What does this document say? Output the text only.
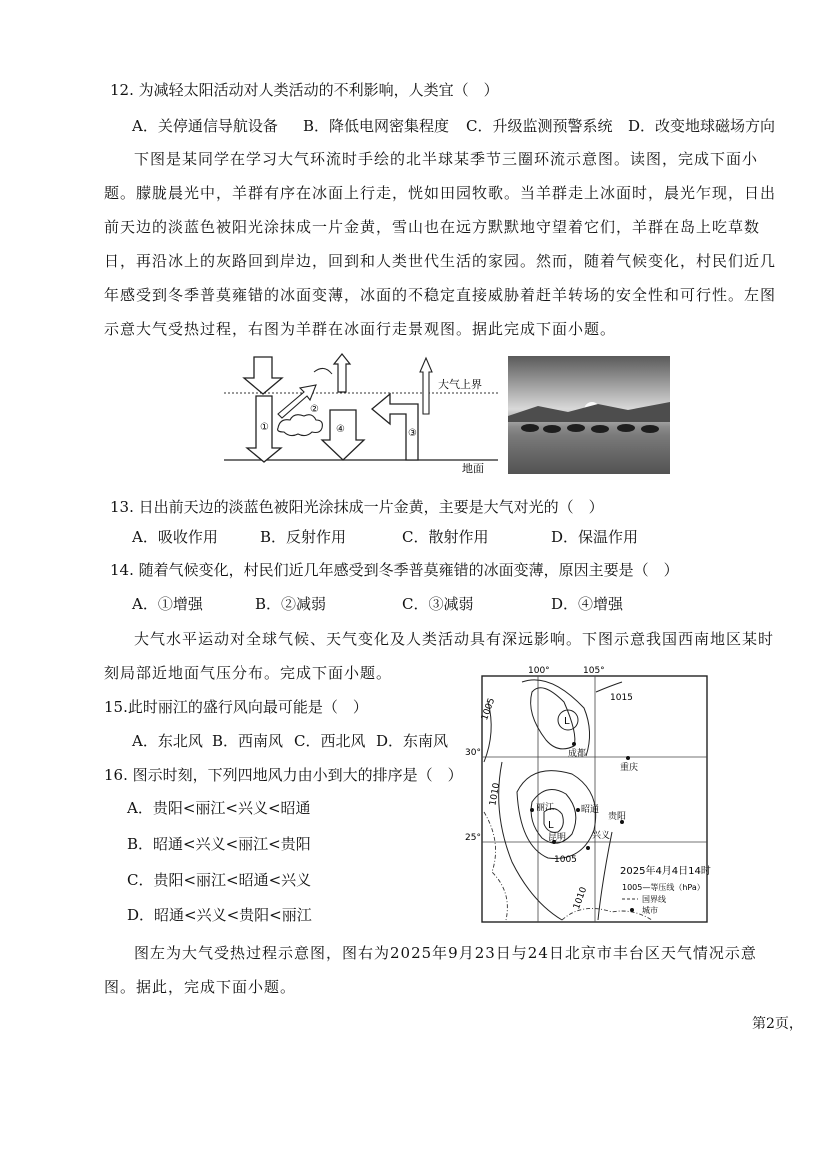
12. 为减轻太阳活动对人类活动的不利影响，人类宜（　）
A．关停通信导航设备 B．降低电网密集程度 C．升级监测预警系统 D．改变地球磁场方向
下图是某同学在学习大气环流时手绘的北半球某季节三圈环流示意图。读图，完成下面小题。朦胧晨光中，羊群有序在冰面上行走，恍如田园牧歌。当羊群走上冰面时，晨光乍现，日出前天边的淡蓝色被阳光涂抹成一片金黄，雪山也在远方默默地守望着它们，羊群在岛上吃草数日，再沿冰上的灰路回到岸边，回到和人类世代生活的家园。然而，随着气候变化，村民们近几年感受到冬季普莫雍错的冰面变薄，冰面的不稳定直接威胁着赶羊转场的安全性和可行性。左图示意大气受热过程，右图为羊群在冰面行走景观图。据此完成下面小题。
①
②
④	③
大气上界
地面
13. 日出前天边的淡蓝色被阳光涂抹成一片金黄，主要是大气对光的（　）
A．吸收作用	B．反射作用	C．散射作用	D．保温作用
14. 随着气候变化，村民们近几年感受到冬季普莫雍错的冰面变薄，原因主要是（　）
A．①增强	B．②减弱	C．③减弱	D．④增强
大气水平运动对全球气候、天气变化及人类活动具有深远影响。下图示意我国西南地区某时刻局部近地面气压分布。完成下面小题。
15.此时丽江的盛行风向最可能是（　）
A．东北风 B．西南风 C．西北风 D．东南风
16. 图示时刻，下列四地风力由小到大的排序是（　）
A．贵阳<丽江<兴义<昭通
B．昭通<兴义<丽江<贵阳
C．贵阳<丽江<昭通<兴义
D．昭通<兴义<贵阳<丽江
100°	105°
30°
25°
1015
1005
1010
1005
1010
L
L
成都
重庆
丽江	昭通
贵阳
昆明	兴义
2025年4月4日14时
1005—等压线（hPa）
国界线
城市
图左为大气受热过程示意图，图右为2025年9月23日与24日北京市丰台区天气情况示意图。据此，完成下面小题。
第2页，
